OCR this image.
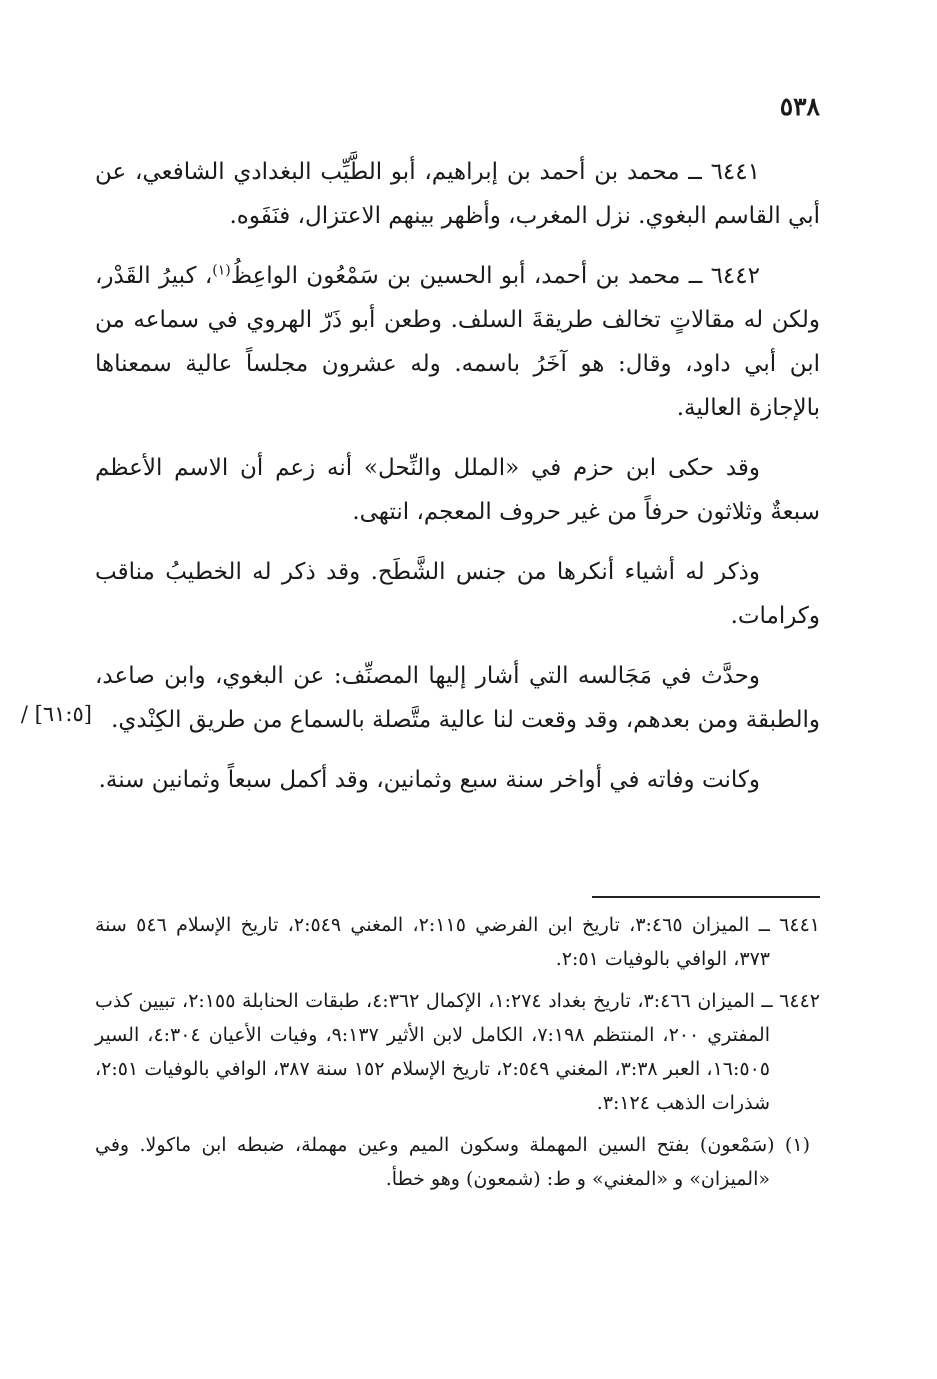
٥٣٨

٦٤٤١ ــ محمد بن أحمد بن إبراهيم، أبو الطَّيِّب البغدادي الشافعي، عن أبي القاسم البغوي. نزل المغرب، وأظهر بينهم الاعتزال، فنَفَوه.

٦٤٤٢ ــ محمد بن أحمد، أبو الحسين بن سَمْعُون الواعِظُ$^{(١)}$، كبيرُ القَدْر، ولكن له مقالاتٍ تخالف طريقةَ السلف. وطعن أبو ذَرّ الهروي في سماعه من ابن أبي داود، وقال: هو آخَرُ باسمه. وله عشرون مجلساً عالية سمعناها بالإجازة العالية.

وقد حكى ابن حزم في «الملل والنِّحل» أنه زعم أن الاسم الأعظم سبعةٌ وثلاثون حرفاً من غير حروف المعجم، انتهى.

وذكر له أشياء أنكرها من جنس الشَّطَح. وقد ذكر له الخطيبُ مناقب وكرامات.

[٦١:٥] /

وحدَّث في مَجَالسه التي أشار إليها المصنِّف: عن البغوي، وابن صاعد، والطبقة ومن بعدهم، وقد وقعت لنا عالية متَّصلة بالسماع من طريق الكِنْدي.

وكانت وفاته في أواخر سنة سبع وثمانين، وقد أكمل سبعاً وثمانين سنة.

٦٤٤١ ــ الميزان ٣:٤٦٥، تاريخ ابن الفرضي ٢:١١٥، المغني ٢:٥٤٩، تاريخ الإسلام ٥٤٦ سنة ٣٧٣، الوافي بالوفيات ٢:٥١.

٦٤٤٢ ــ الميزان ٣:٤٦٦، تاريخ بغداد ١:٢٧٤، الإكمال ٤:٣٦٢، طبقات الحنابلة ٢:١٥٥، تبيين كذب المفتري ٢٠٠، المنتظم ٧:١٩٨، الكامل لابن الأثير ٩:١٣٧، وفيات الأعيان ٤:٣٠٤، السير ١٦:٥٠٥، العبر ٣:٣٨، المغني ٢:٥٤٩، تاريخ الإسلام ١٥٢ سنة ٣٨٧، الوافي بالوفيات ٢:٥١، شذرات الذهب ٣:١٢٤.

(١) (سَمْعون) بفتح السين المهملة وسكون الميم وعين مهملة، ضبطه ابن ماكولا. وفي «الميزان» و «المغني» و ط: (شمعون) وهو خطأ.
